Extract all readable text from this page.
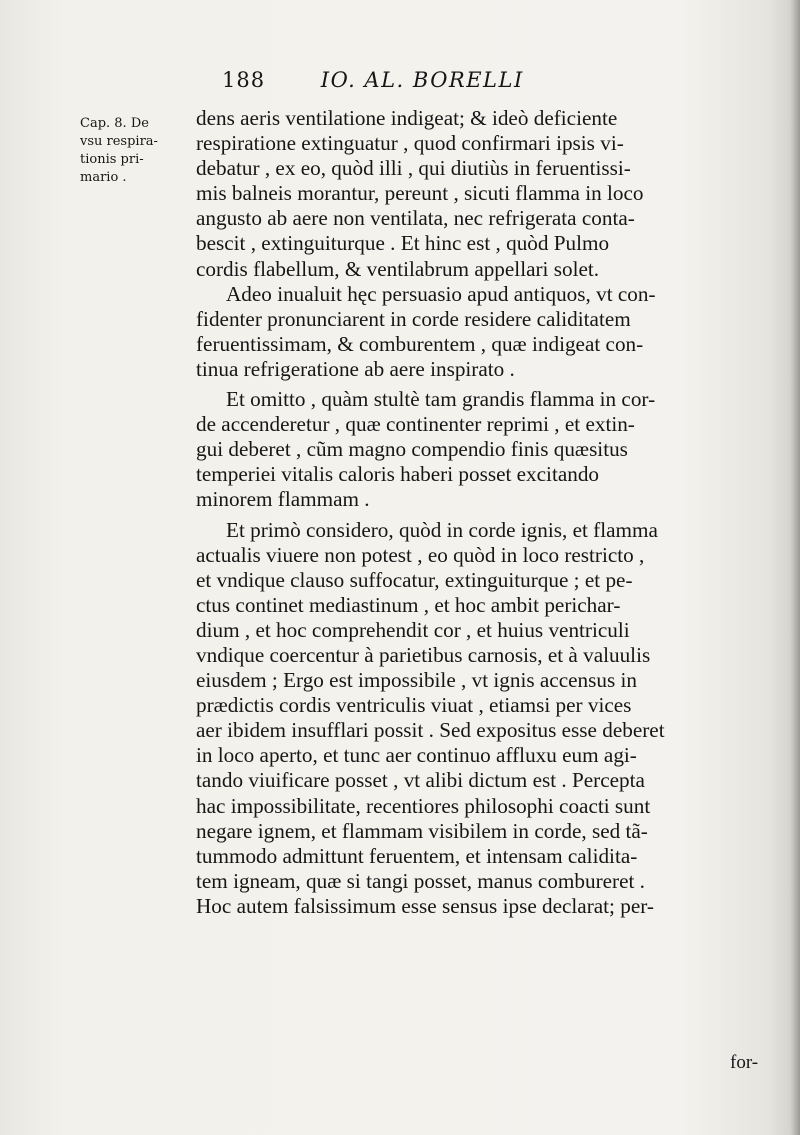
188	IO. AL. BORELLI
Cap. 8. De
vsu respira-
tionis pri-
mario .
dens aeris ventilatione indigeat; & ideò deficiente
respiratione extinguatur , quod confirmari ipsis vi-
debatur , ex eo, quòd illi , qui diutiùs in feruentissi-
mis balneis morantur, pereunt , sicuti flamma in loco
angusto ab aere non ventilata, nec refrigerata conta-
bescit , extinguiturque . Et hinc est , quòd Pulmo
cordis flabellum, & ventilabrum appellari solet.
Adeo inualuit hęc persuasio apud antiquos, vt con-
fidenter pronunciarent in corde residere caliditatem
feruentissimam, & comburentem , quæ indigeat con-
tinua refrigeratione ab aere inspirato .
Et omitto , quàm stultè tam grandis flamma in cor-
de accenderetur , quæ continenter reprimi , et extin-
gui deberet , cũm magno compendio finis quæsitus
temperiei vitalis caloris haberi posset excitando
minorem flammam .
Et primò considero, quòd in corde ignis, et flamma
actualis viuere non potest , eo quòd in loco restricto ,
et vndique clauso suffocatur, extinguiturque ; et pe-
ctus continet mediastinum , et hoc ambit perichar-
dium , et hoc comprehendit cor , et huius ventriculi
vndique coercentur à parietibus carnosis, et à valuulis
eiusdem ; Ergo est impossibile , vt ignis accensus in
prædictis cordis ventriculis viuat , etiamsi per vices
aer ibidem insufflari possit . Sed expositus esse deberet
in loco aperto, et tunc aer continuo affluxu eum agi-
tando viuificare posset , vt alibi dictum est . Percepta
hac impossibilitate, recentiores philosophi coacti sunt
negare ignem, et flammam visibilem in corde, sed tã-
tummodo admittunt feruentem, et intensam calidita-
tem igneam, quæ si tangi posset, manus combureret .
Hoc autem falsissimum esse sensus ipse declarat; per-
for-
